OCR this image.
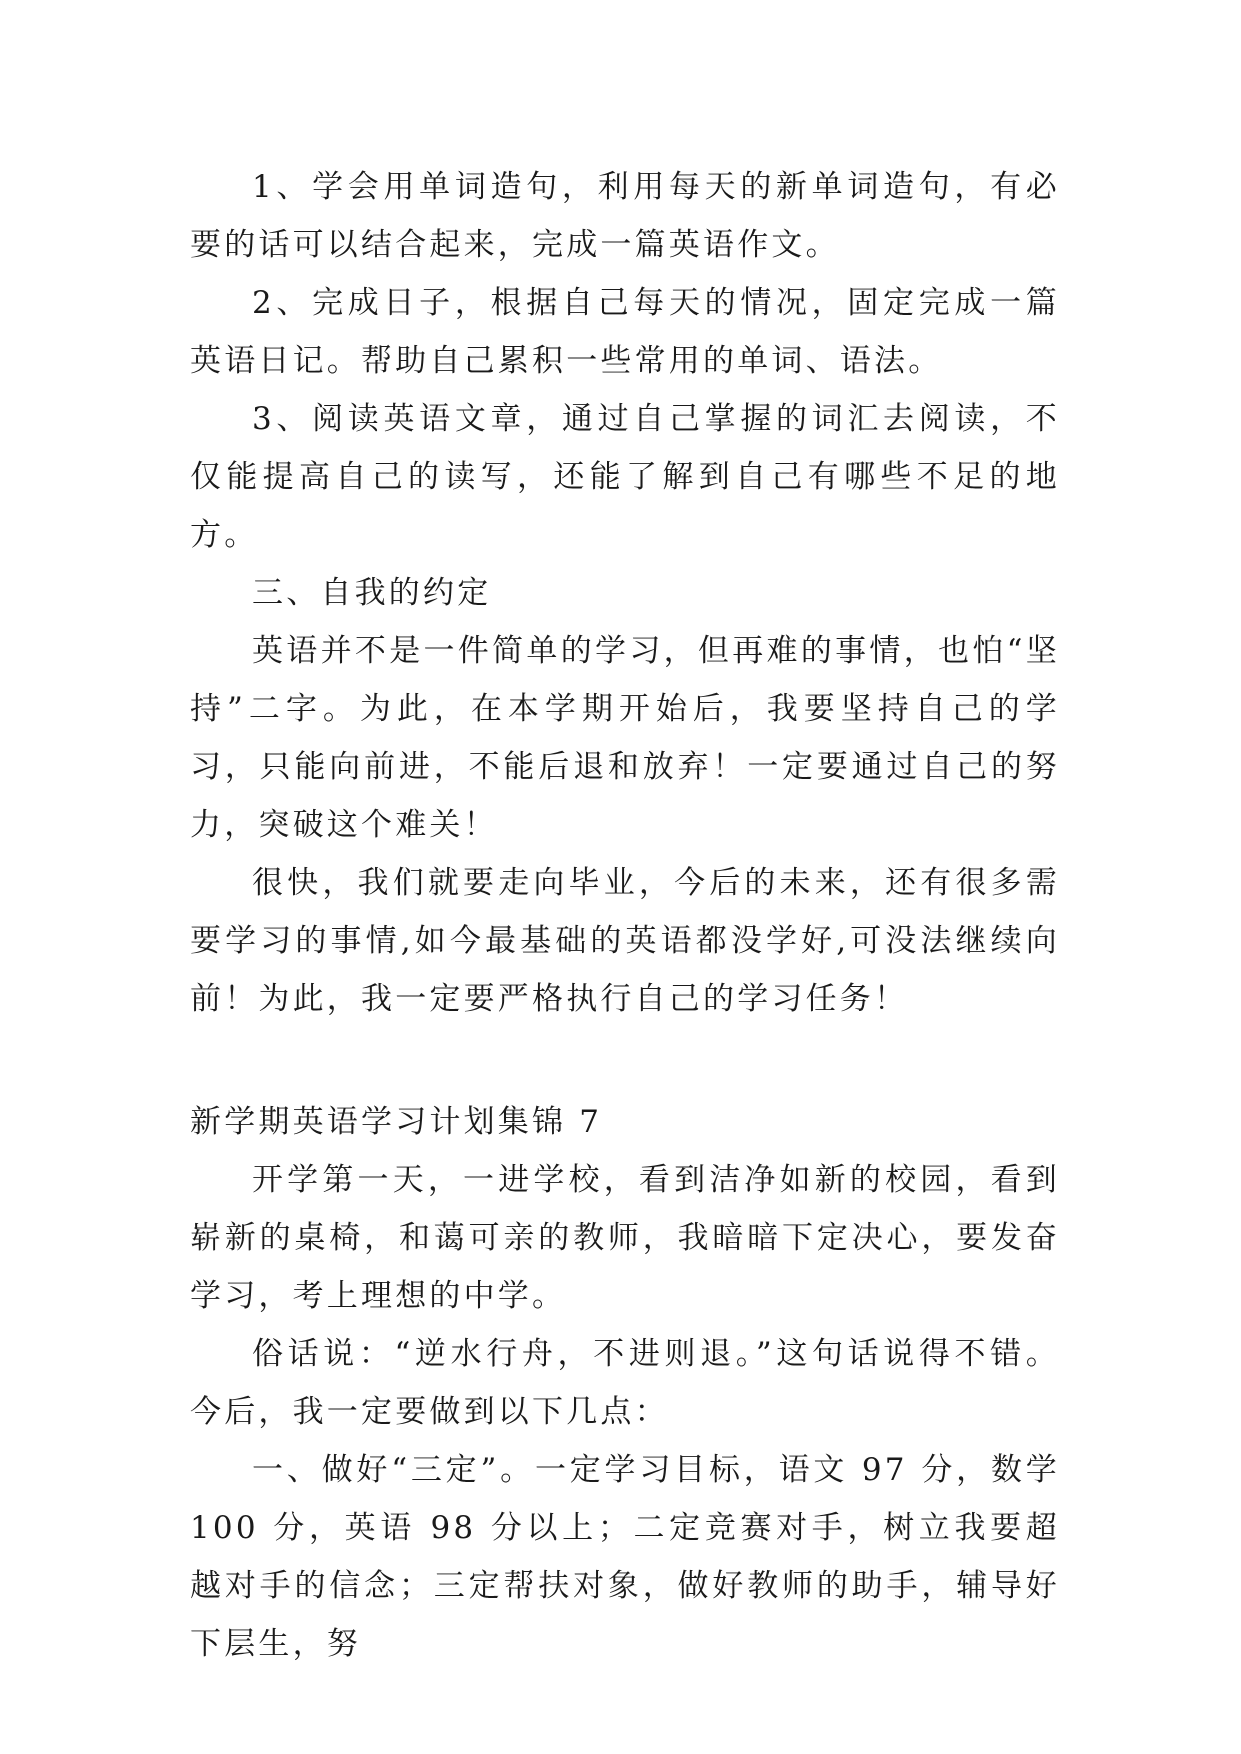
1、学会用单词造句，利用每天的新单词造句，有必要的话可以结合起来，完成一篇英语作文。

2、完成日子，根据自己每天的情况，固定完成一篇英语日记。帮助自己累积一些常用的单词、语法。

3、阅读英语文章，通过自己掌握的词汇去阅读，不仅能提高自己的读写，还能了解到自己有哪些不足的地方。

三、自我的约定

英语并不是一件简单的学习，但再难的事情，也怕“坚持”二字。为此，在本学期开始后，我要坚持自己的学习，只能向前进，不能后退和放弃！一定要通过自己的努力，突破这个难关！

很快，我们就要走向毕业，今后的未来，还有很多需要学习的事情,如今最基础的英语都没学好,可没法继续向前！为此，我一定要严格执行自己的学习任务！

新学期英语学习计划集锦 7

开学第一天，一进学校，看到洁净如新的校园，看到崭新的桌椅，和蔼可亲的教师，我暗暗下定决心，要发奋学习，考上理想的中学。

俗话说：“逆水行舟，不进则退。”这句话说得不错。今后，我一定要做到以下几点：

一、做好“三定”。一定学习目标，语文 97 分，数学 100 分，英语 98 分以上；二定竞赛对手，树立我要超越对手的信念；三定帮扶对象，做好教师的助手，辅导好下层生，努
